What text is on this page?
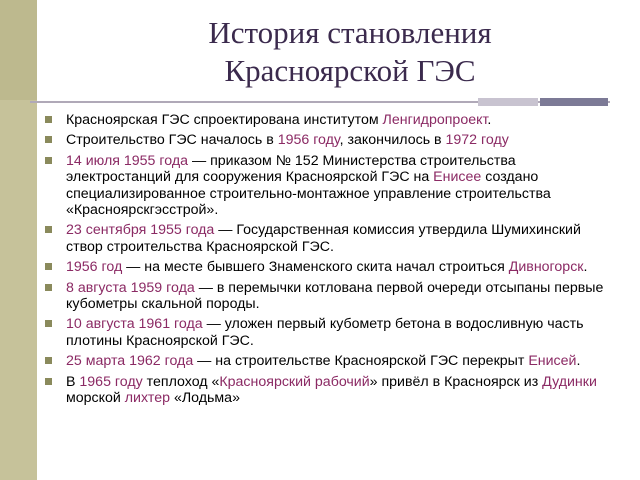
История становления
Красноярской ГЭС
Красноярская ГЭС спроектирована институтом Ленгидропроект.
Строительство ГЭС началось в 1956 году, закончилось в 1972 году
14 июля 1955 года — приказом № 152 Министерства строительства электростанций для сооружения Красноярской ГЭС на Енисее создано специализированное строительно-монтажное управление строительства «Красноярскгэсстрой».
23 сентября 1955 года — Государственная комиссия утвердила Шумихинский створ строительства Красноярской ГЭС.
1956 год — на месте бывшего Знаменского скита начал строиться Дивногорск.
8 августа 1959 года — в перемычки котлована первой очереди отсыпаны первые кубометры скальной породы.
10 августа 1961 года — уложен первый кубометр бетона в водосливную часть плотины Красноярской ГЭС.
25 марта 1962 года — на строительстве Красноярской ГЭС перекрыт Енисей.
В 1965 году теплоход «Красноярский рабочий» привёл в Красноярск из Дудинки морской лихтер «Лодьма»
